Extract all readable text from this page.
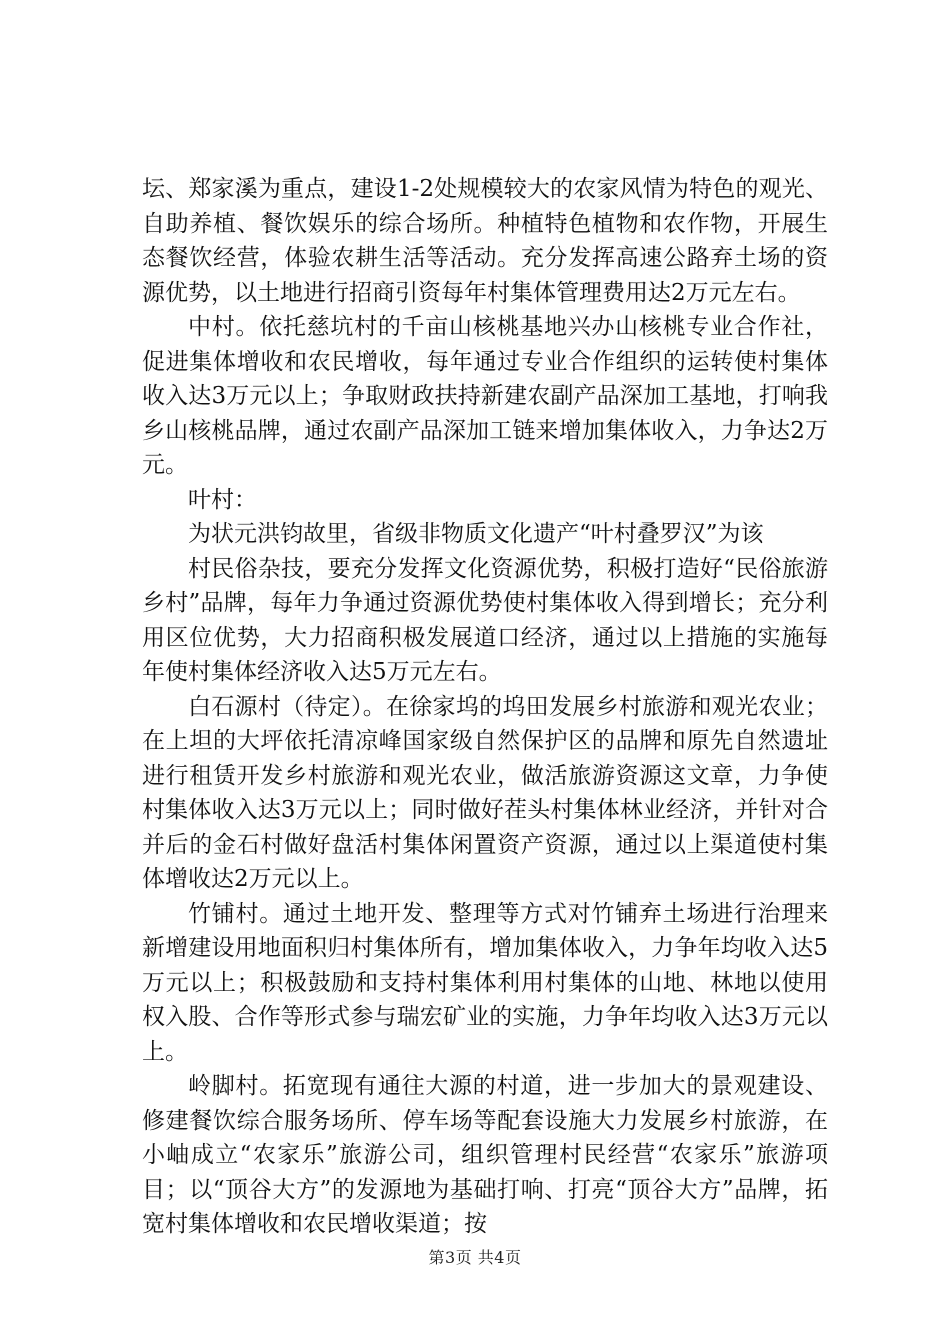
坛、郑家溪为重点，建设1-2处规模较大的农家风情为特色的观光、自助养植、餐饮娱乐的综合场所。种植特色植物和农作物，开展生态餐饮经营，体验农耕生活等活动。充分发挥高速公路弃土场的资源优势，以土地进行招商引资每年村集体管理费用达2万元左右。

中村。依托慈坑村的千亩山核桃基地兴办山核桃专业合作社，促进集体增收和农民增收，每年通过专业合作组织的运转使村集体收入达3万元以上；争取财政扶持新建农副产品深加工基地，打响我乡山核桃品牌，通过农副产品深加工链来增加集体收入，力争达2万元。

叶村：

为状元洪钧故里，省级非物质文化遗产“叶村叠罗汉”为该

村民俗杂技，要充分发挥文化资源优势，积极打造好“民俗旅游乡村”品牌，每年力争通过资源优势使村集体收入得到增长；充分利用区位优势，大力招商积极发展道口经济，通过以上措施的实施每年使村集体经济收入达5万元左右。

白石源村（待定）。在徐家坞的坞田发展乡村旅游和观光农业；在上坦的大坪依托清凉峰国家级自然保护区的品牌和原先自然遗址进行租赁开发乡村旅游和观光农业，做活旅游资源这文章，力争使村集体收入达3万元以上；同时做好茬头村集体林业经济，并针对合并后的金石村做好盘活村集体闲置资产资源，通过以上渠道使村集体增收达2万元以上。

竹铺村。通过土地开发、整理等方式对竹铺弃土场进行治理来新增建设用地面积归村集体所有，增加集体收入，力争年均收入达5万元以上；积极鼓励和支持村集体利用村集体的山地、林地以使用权入股、合作等形式参与瑞宏矿业的实施，力争年均收入达3万元以上。

岭脚村。拓宽现有通往大源的村道，进一步加大的景观建设、修建餐饮综合服务场所、停车场等配套设施大力发展乡村旅游，在小岫成立“农家乐”旅游公司，组织管理村民经营“农家乐”旅游项目；以“顶谷大方”的发源地为基础打响、打亮“顶谷大方”品牌，拓宽村集体增收和农民增收渠道；按

第3页 共4页
